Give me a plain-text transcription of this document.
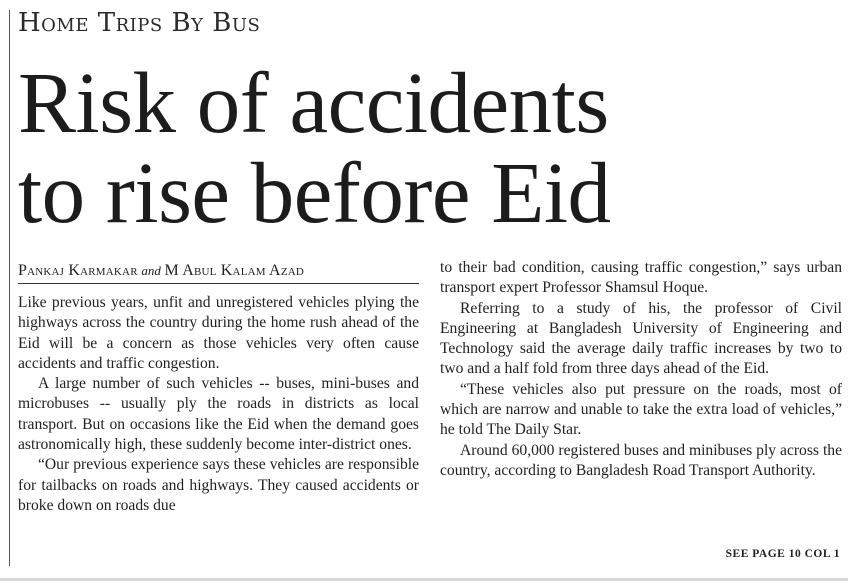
Home Trips By Bus
Risk of accidents
to rise before Eid
Pankaj Karmakar and M Abul Kalam Azad

Like previous years, unfit and unregistered vehicles plying the highways across the country during the home rush ahead of the Eid will be a concern as those vehicles very often cause accidents and traffic congestion.

A large number of such vehicles -- buses, mini-buses and microbuses -- usually ply the roads in districts as local transport. But on occasions like the Eid when the demand goes astronomically high, these suddenly become inter-district ones.

“Our previous experience says these vehicles are responsible for tailbacks on roads and highways. They caused accidents or broke down on roads due

to their bad condition, causing traffic congestion,” says urban transport expert Professor Shamsul Hoque.

Referring to a study of his, the professor of Civil Engineering at Bangladesh University of Engineering and Technology said the average daily traffic increases by two to two and a half fold from three days ahead of the Eid.

“These vehicles also put pressure on the roads, most of which are narrow and unable to take the extra load of vehicles,” he told The Daily Star.

Around 60,000 registered buses and minibuses ply across the country, according to Bangladesh Road Transport Authority.

SEE PAGE 10 COL 1
